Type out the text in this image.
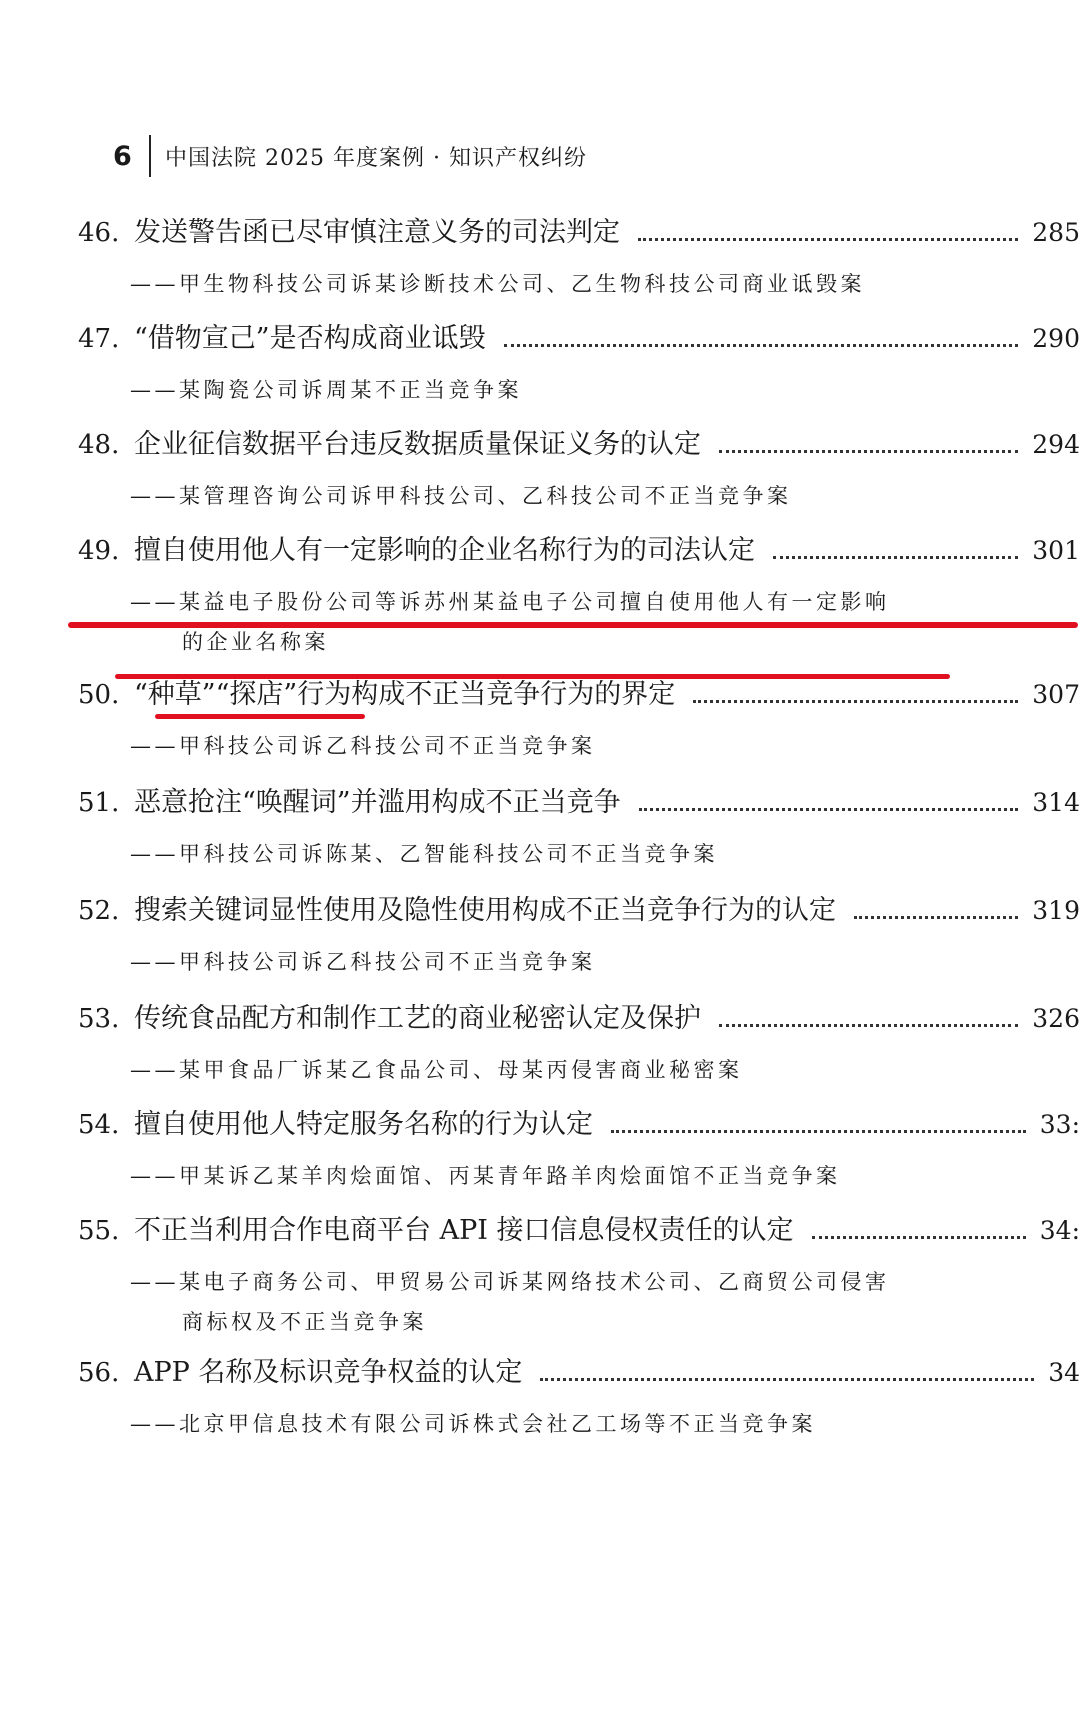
6	中国法院 2025 年度案例 · 知识产权纠纷
46. 发送警告函已尽审慎注意义务的司法判定	285
——甲生物科技公司诉某诊断技术公司、乙生物科技公司商业诋毁案
47. “借物宣己”是否构成商业诋毁	290
——某陶瓷公司诉周某不正当竞争案
48. 企业征信数据平台违反数据质量保证义务的认定	294
——某管理咨询公司诉甲科技公司、乙科技公司不正当竞争案
49. 擅自使用他人有一定影响的企业名称行为的司法认定	301
——某益电子股份公司等诉苏州某益电子公司擅自使用他人有一定影响
的企业名称案
50. “种草”“探店”行为构成不正当竞争行为的界定	307
——甲科技公司诉乙科技公司不正当竞争案
51. 恶意抢注“唤醒词”并滥用构成不正当竞争	314
——甲科技公司诉陈某、乙智能科技公司不正当竞争案
52. 搜索关键词显性使用及隐性使用构成不正当竞争行为的认定	319
——甲科技公司诉乙科技公司不正当竞争案
53. 传统食品配方和制作工艺的商业秘密认定及保护	326
——某甲食品厂诉某乙食品公司、母某丙侵害商业秘密案
54. 擅自使用他人特定服务名称的行为认定	33:
——甲某诉乙某羊肉烩面馆、丙某青年路羊肉烩面馆不正当竞争案
55. 不正当利用合作电商平台 API 接口信息侵权责任的认定	34:
——某电子商务公司、甲贸易公司诉某网络技术公司、乙商贸公司侵害
商标权及不正当竞争案
56. APP 名称及标识竞争权益的认定	34
——北京甲信息技术有限公司诉株式会社乙工场等不正当竞争案
